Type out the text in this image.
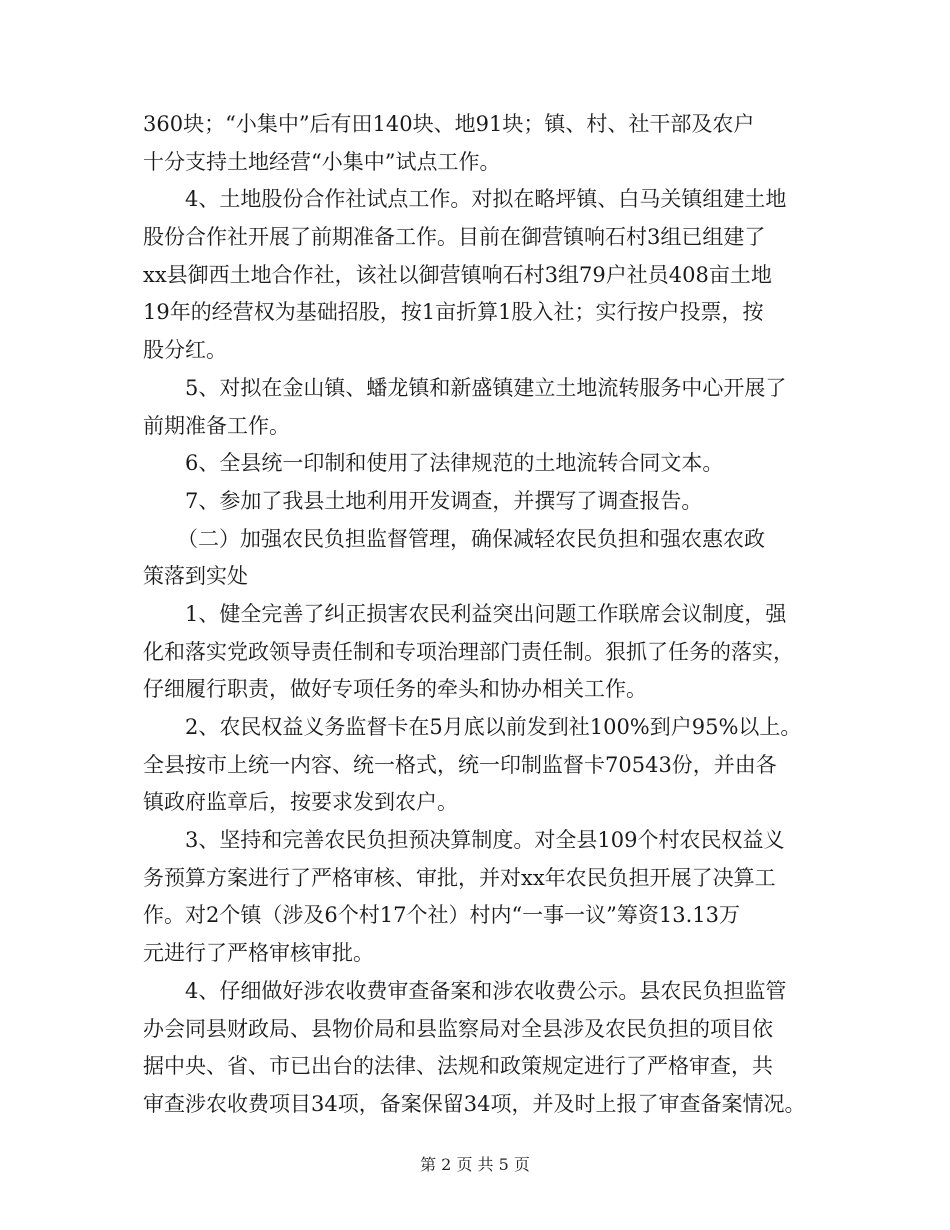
360块；“小集中”后有田140块、地91块；镇、村、社干部及农户
十分支持土地经营“小集中”试点工作。
4、土地股份合作社试点工作。对拟在略坪镇、白马关镇组建土地
股份合作社开展了前期准备工作。目前在御营镇响石村3组已组建了
xx县御西土地合作社，该社以御营镇响石村3组79户社员408亩土地
19年的经营权为基础招股，按1亩折算1股入社；实行按户投票，按
股分红。
5、对拟在金山镇、蟠龙镇和新盛镇建立土地流转服务中心开展了
前期准备工作。
6、全县统一印制和使用了法律规范的土地流转合同文本。
7、参加了我县土地利用开发调查，并撰写了调查报告。
（二）加强农民负担监督管理，确保减轻农民负担和强农惠农政
策落到实处
1、健全完善了纠正损害农民利益突出问题工作联席会议制度，强
化和落实党政领导责任制和专项治理部门责任制。狠抓了任务的落实，
仔细履行职责，做好专项任务的牵头和协办相关工作。
2、农民权益义务监督卡在5月底以前发到社100%到户95%以上。
全县按市上统一内容、统一格式，统一印制监督卡70543份，并由各
镇政府监章后，按要求发到农户。
3、坚持和完善农民负担预决算制度。对全县109个村农民权益义
务预算方案进行了严格审核、审批，并对xx年农民负担开展了决算工
作。对2个镇（涉及6个村17个社）村内“一事一议”筹资13.13万
元进行了严格审核审批。
4、仔细做好涉农收费审查备案和涉农收费公示。县农民负担监管
办会同县财政局、县物价局和县监察局对全县涉及农民负担的项目依
据中央、省、市已出台的法律、法规和政策规定进行了严格审查，共
审查涉农收费项目34项，备案保留34项，并及时上报了审查备案情况。
第 2 页 共 5 页
